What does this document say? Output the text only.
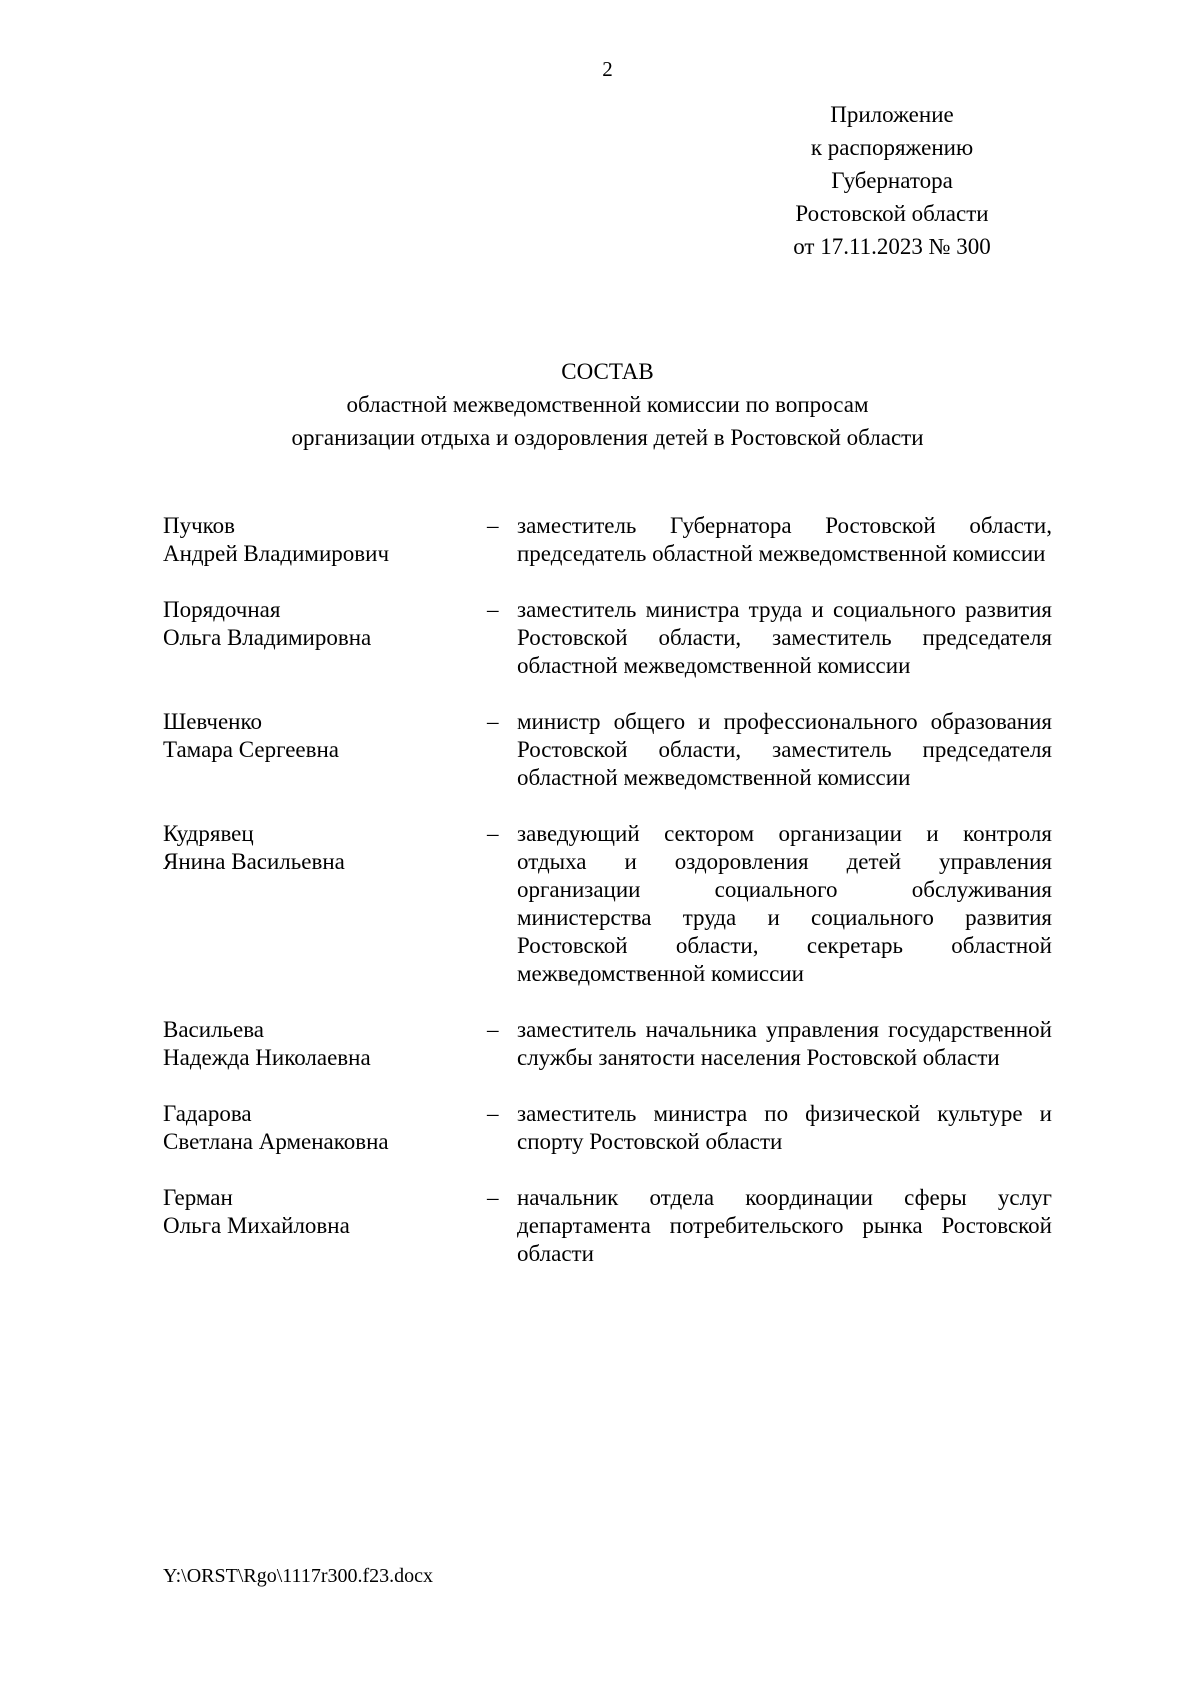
2
Приложение
к распоряжению
Губернатора
Ростовской области
от 17.11.2023 № 300
СОСТАВ
областной межведомственной комиссии по вопросам
организации отдыха и оздоровления детей в Ростовской области
Пучков
Андрей Владимирович
– заместитель Губернатора Ростовской области, председатель областной межведомственной комиссии
Порядочная
Ольга Владимировна
– заместитель министра труда и социального развития Ростовской области, заместитель председателя областной межведомственной комиссии
Шевченко
Тамара Сергеевна
– министр общего и профессионального образования Ростовской области, заместитель председателя областной межведомственной комиссии
Кудрявец
Янина Васильевна
– заведующий сектором организации и контроля отдыха и оздоровления детей управления организации социального обслуживания министерства труда и социального развития Ростовской области, секретарь областной межведомственной комиссии
Васильева
Надежда Николаевна
– заместитель начальника управления государственной службы занятости населения Ростовской области
Гадарова
Светлана Арменаковна
– заместитель министра по физической культуре и спорту Ростовской области
Герман
Ольга Михайловна
– начальник отдела координации сферы услуг департамента потребительского рынка Ростовской области
Y:\ORST\Rgo\1117r300.f23.docx
